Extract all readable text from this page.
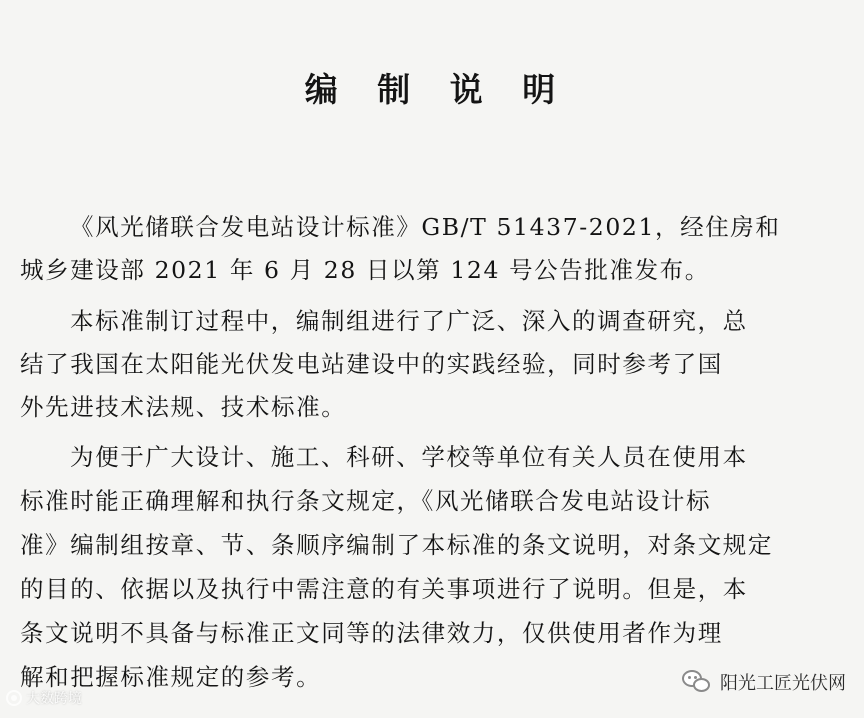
编 制 说 明
《风光储联合发电站设计标准》GB/T 51437-2021，经住房和
城乡建设部 2021 年 6 月 28 日以第 124 号公告批准发布。
本标准制订过程中，编制组进行了广泛、深入的调查研究，总
结了我国在太阳能光伏发电站建设中的实践经验，同时参考了国
外先进技术法规、技术标准。
为便于广大设计、施工、科研、学校等单位有关人员在使用本
标准时能正确理解和执行条文规定，《风光储联合发电站设计标
准》编制组按章、节、条顺序编制了本标准的条文说明，对条文规定
的目的、依据以及执行中需注意的有关事项进行了说明。但是，本
条文说明不具备与标准正文同等的法律效力，仅供使用者作为理
解和把握标准规定的参考。
大数跨境
阳光工匠光伏网
